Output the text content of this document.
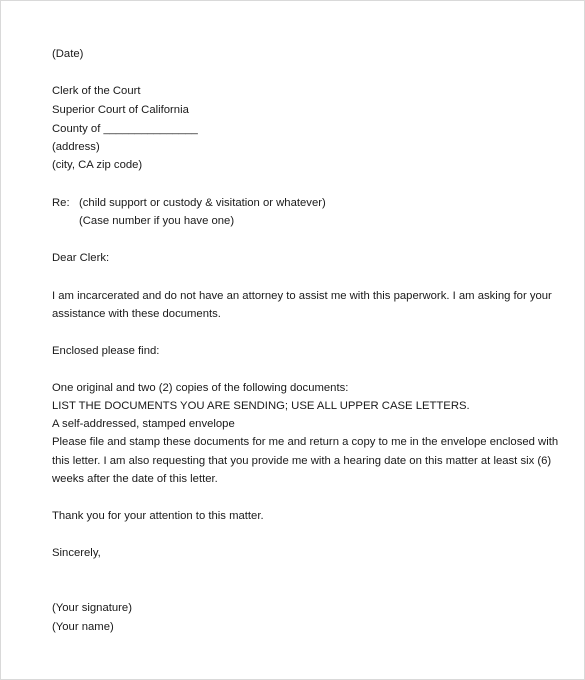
(Date)
Clerk of the Court
Superior Court of California
County of _______________
(address)
(city, CA zip code)
Re:   (child support or custody & visitation or whatever)
(Case number if you have one)
Dear Clerk:
I am incarcerated and do not have an attorney to assist me with this paperwork. I am asking for your
assistance with these documents.
Enclosed please find:
One original and two (2) copies of the following documents:
LIST THE DOCUMENTS YOU ARE SENDING; USE ALL UPPER CASE LETTERS.
A self-addressed, stamped envelope
Please file and stamp these documents for me and return a copy to me in the envelope enclosed with
this letter. I am also requesting that you provide me with a hearing date on this matter at least six (6)
weeks after the date of this letter.
Thank you for your attention to this matter.
Sincerely,
(Your signature)
(Your name)
